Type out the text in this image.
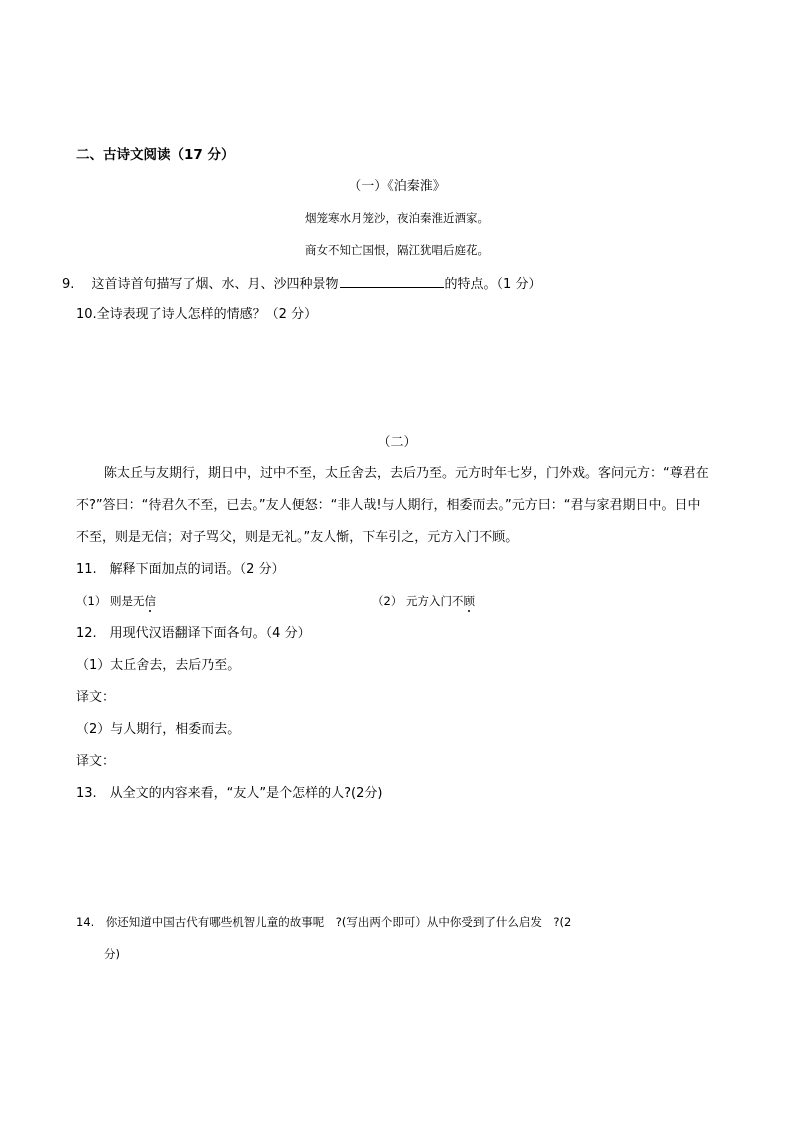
二、古诗文阅读（17 分）
（一）《泊秦淮》
烟笼寒水月笼沙，夜泊秦淮近酒家。
商女不知亡国恨，隔江犹唱后庭花。
9.　 这首诗首句描写了烟、水、月、沙四种景物	的特点。（1 分）
10.全诗表现了诗人怎样的情感？（2 分）
（二）
陈太丘与友期行，期日中，过中不至，太丘舍去，去后乃至。元方时年七岁，门外戏。客问元方：“尊君在
不?”答曰：“待君久不至，已去。”友人便怒：“非人哉!与人期行，相委而去。”元方曰：“君与家君期日中。日中
不至，则是无信；对子骂父，则是无礼。”友人惭，下车引之，元方入门不顾。
11.　解释下面加点的词语。（2 分）
（1） 则是无信	（2） 元方入门不顾
12.　用现代汉语翻译下面各句。（4 分）
（1）太丘舍去，去后乃至。
译文：
（2）与人期行，相委而去。
译文：
13.　从全文的内容来看，“友人”是个怎样的人?(2分)
14.　你还知道中国古代有哪些机智儿童的故事呢　?(写出两个即可）从中你受到了什么启发　?(2
分)
